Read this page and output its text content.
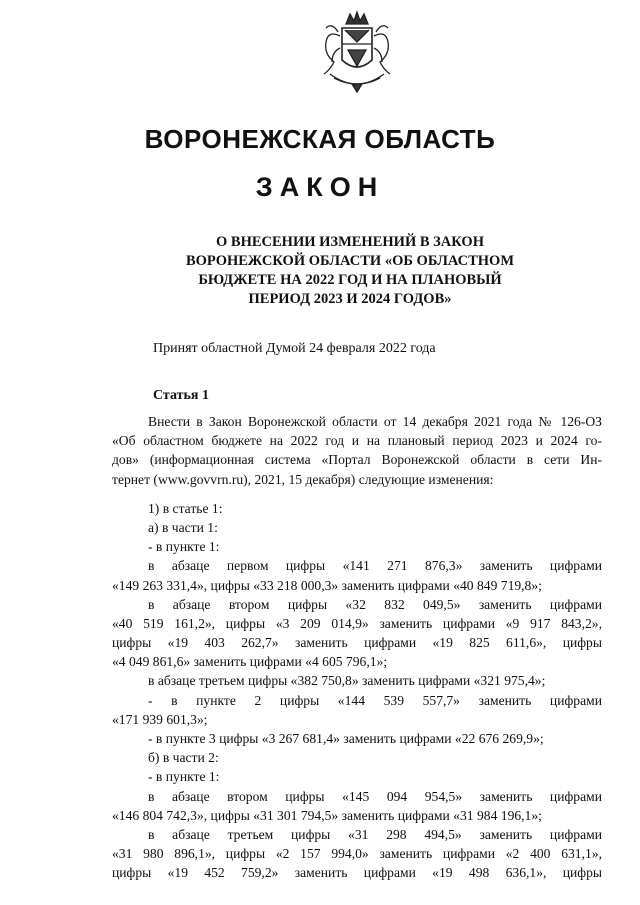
ВОРОНЕЖСКАЯ ОБЛАСТЬ
ЗАКОН
О ВНЕСЕНИИ ИЗМЕНЕНИЙ В ЗАКОН
ВОРОНЕЖСКОЙ ОБЛАСТИ «ОБ ОБЛАСТНОМ
БЮДЖЕТЕ НА 2022 ГОД И НА ПЛАНОВЫЙ
ПЕРИОД 2023 И 2024 ГОДОВ»
Принят областной Думой 24 февраля 2022 года
Статья 1
Внести в Закон Воронежской области от 14 декабря 2021 года № 126-ОЗ
«Об областном бюджете на 2022 год и на плановый период 2023 и 2024 го-
дов» (информационная система «Портал Воронежской области в сети Ин-
тернет (www.govvrn.ru), 2021, 15 декабря) следующие изменения:
1) в статье 1:
а) в части 1:
- в пункте 1:
в абзаце первом цифры «141 271 876,3» заменить цифрами
«149 263 331,4», цифры «33 218 000,3» заменить цифрами «40 849 719,8»;
в абзаце втором цифры «32 832 049,5» заменить цифрами
«40 519 161,2», цифры «3 209 014,9» заменить цифрами «9 917 843,2»,
цифры «19 403 262,7» заменить цифрами «19 825 611,6», цифры
«4 049 861,6» заменить цифрами «4 605 796,1»;
в абзаце третьем цифры «382 750,8» заменить цифрами «321 975,4»;
- в пункте 2 цифры «144 539 557,7» заменить цифрами
«171 939 601,3»;
- в пункте 3 цифры «3 267 681,4» заменить цифрами «22 676 269,9»;
б) в части 2:
- в пункте 1:
в абзаце втором цифры «145 094 954,5» заменить цифрами
«146 804 742,3», цифры «31 301 794,5» заменить цифрами «31 984 196,1»;
в абзаце третьем цифры «31 298 494,5» заменить цифрами
«31 980 896,1», цифры «2 157 994,0» заменить цифрами «2 400 631,1»,
цифры «19 452 759,2» заменить цифрами «19 498 636,1», цифры
